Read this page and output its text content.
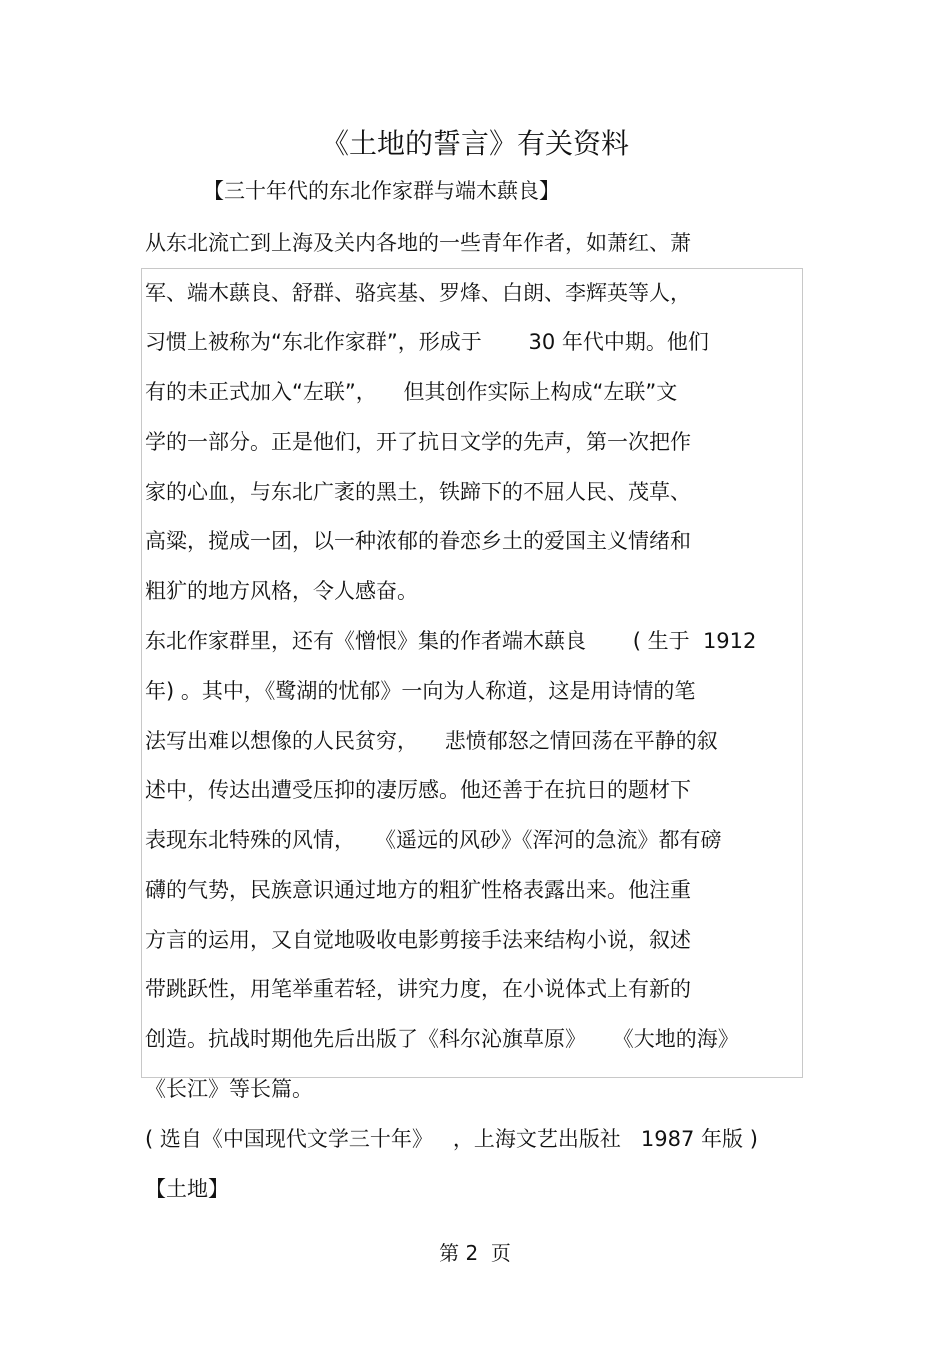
《土地的誓言》有关资料
【三十年代的东北作家群与端木蕻良】
从东北流亡到上海及关内各地的一些青年作者，如萧红、萧
军、端木蕻良、舒群、骆宾基、罗烽、白朗、李辉英等人，
习惯上被称为“东北作家群”，形成于       30 年代中期。他们
有的未正式加入“左联”，    但其创作实际上构成“左联”文
学的一部分。正是他们，开了抗日文学的先声，第一次把作
家的心血，与东北广袤的黑土，铁蹄下的不屈人民、茂草、
高粱，搅成一团，以一种浓郁的眷恋乡土的爱国主义情绪和
粗犷的地方风格，令人感奋。
东北作家群里，还有《憎恨》集的作者端木蕻良       ( 生于  1912
年) 。其中，《鹭湖的忧郁》一向为人称道，这是用诗情的笔
法写出难以想像的人民贫穷，    悲愤郁怒之情回荡在平静的叙
述中，传达出遭受压抑的凄厉感。他还善于在抗日的题材下
表现东北特殊的风情，   《遥远的风砂》《浑河的急流》都有磅
礴的气势，民族意识通过地方的粗犷性格表露出来。他注重
方言的运用，又自觉地吸收电影剪接手法来结构小说，叙述
带跳跃性，用笔举重若轻，讲究力度，在小说体式上有新的
创造。抗战时期他先后出版了《科尔沁旗草原》    《大地的海》
《长江》等长篇。
( 选自《中国现代文学三十年》   ，上海文艺出版社   1987 年版 )
【土地】
第 2  页
